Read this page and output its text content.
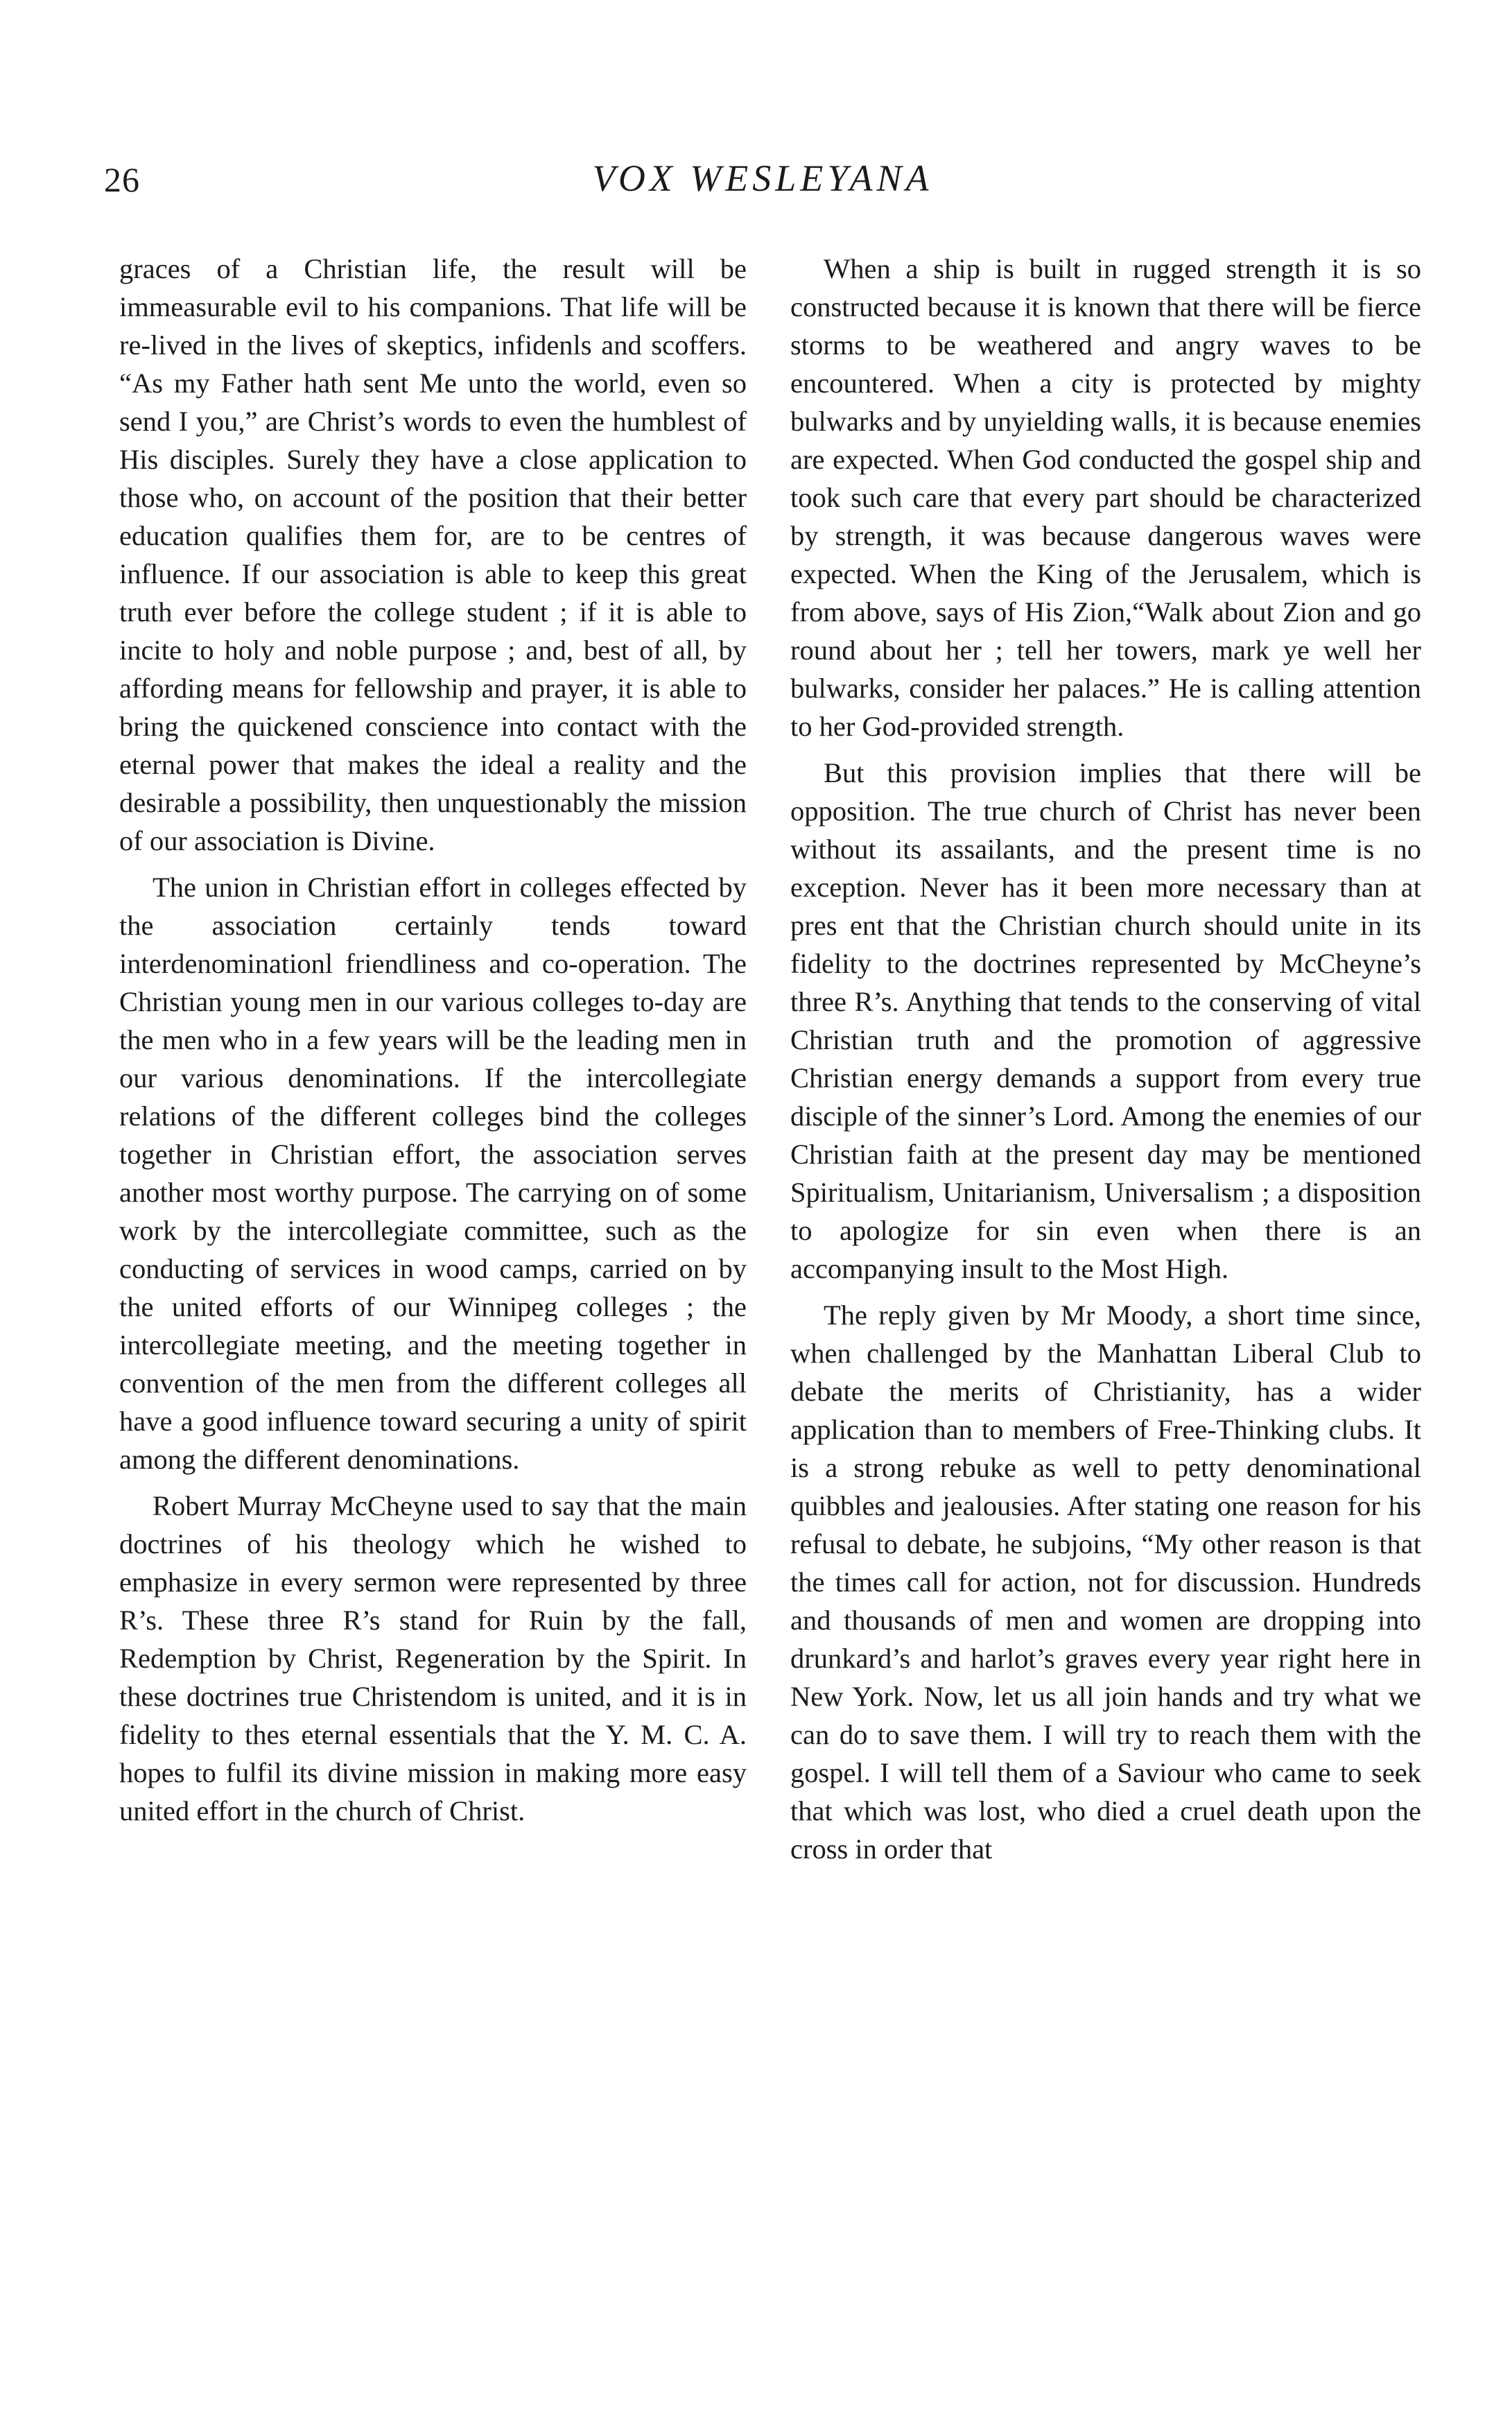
26	VOX WESLEYANA

graces of a Christian life, the result will be immeasurable evil to his companions. That life will be re-lived in the lives of skeptics, infidenls and scoffers. “As my Father hath sent Me unto the world, even so send I you,” are Christ’s words to even the humblest of His disciples. Surely they have a close application to those who, on account of the position that their better education qualifies them for, are to be centres of influence. If our association is able to keep this great truth ever before the college student ; if it is able to incite to holy and noble purpose ; and, best of all, by affording means for fellowship and prayer, it is able to bring the quickened conscience into contact with the eternal power that makes the ideal a reality and the desirable a possibility, then unquestionably the mission of our association is Divine.

The union in Christian effort in colleges effected by the association certainly tends toward interdenominationl friendliness and co-operation. The Christian young men in our various colleges to-day are the men who in a few years will be the leading men in our various denominations. If the intercollegiate relations of the different colleges bind the colleges together in Christian effort, the association serves another most worthy purpose. The carrying on of some work by the intercollegiate committee, such as the conducting of services in wood camps, carried on by the united efforts of our Winnipeg colleges ; the intercollegiate meeting, and the meeting together in convention of the men from the different colleges all have a good influence toward securing a unity of spirit among the different denominations.

Robert Murray McCheyne used to say that the main doctrines of his theology which he wished to emphasize in every sermon were represented by three R’s. These three R’s stand for Ruin by the fall, Redemption by Christ, Regeneration by the Spirit. In these doctrines true Christendom is united, and it is in fidelity to thes eternal essentials that the Y. M. C. A. hopes to fulfil its divine mission in making more easy united effort in the church of Christ.

When a ship is built in rugged strength it is so constructed because it is known that there will be fierce storms to be weathered and angry waves to be encountered. When a city is protected by mighty bulwarks and by unyielding walls, it is because enemies are expected. When God conducted the gospel ship and took such care that every part should be characterized by strength, it was because dangerous waves were expected. When the King of the Jerusalem, which is from above, says of His Zion,“Walk about Zion and go round about her ; tell her towers, mark ye well her bulwarks, consider her palaces.” He is calling attention to her God-provided strength.

But this provision implies that there will be opposition. The true church of Christ has never been without its assailants, and the present time is no exception. Never has it been more necessary than at pres ent that the Christian church should unite in its fidelity to the doctrines represented by McCheyne’s three R’s. Anything that tends to the conserving of vital Christian truth and the promotion of aggressive Christian energy demands a support from every true disciple of the sinner’s Lord. Among the enemies of our Christian faith at the present day may be mentioned Spiritualism, Unitarianism, Universalism ; a disposition to apologize for sin even when there is an accompanying insult to the Most High.

The reply given by Mr Moody, a short time since, when challenged by the Manhattan Liberal Club to debate the merits of Christianity, has a wider application than to members of Free-Thinking clubs. It is a strong rebuke as well to petty denominational quibbles and jealousies. After stating one reason for his refusal to debate, he subjoins, “My other reason is that the times call for action, not for discussion. Hundreds and thousands of men and women are dropping into drunkard’s and harlot’s graves every year right here in New York. Now, let us all join hands and try what we can do to save them. I will try to reach them with the gospel. I will tell them of a Saviour who came to seek that which was lost, who died a cruel death upon the cross in order that
